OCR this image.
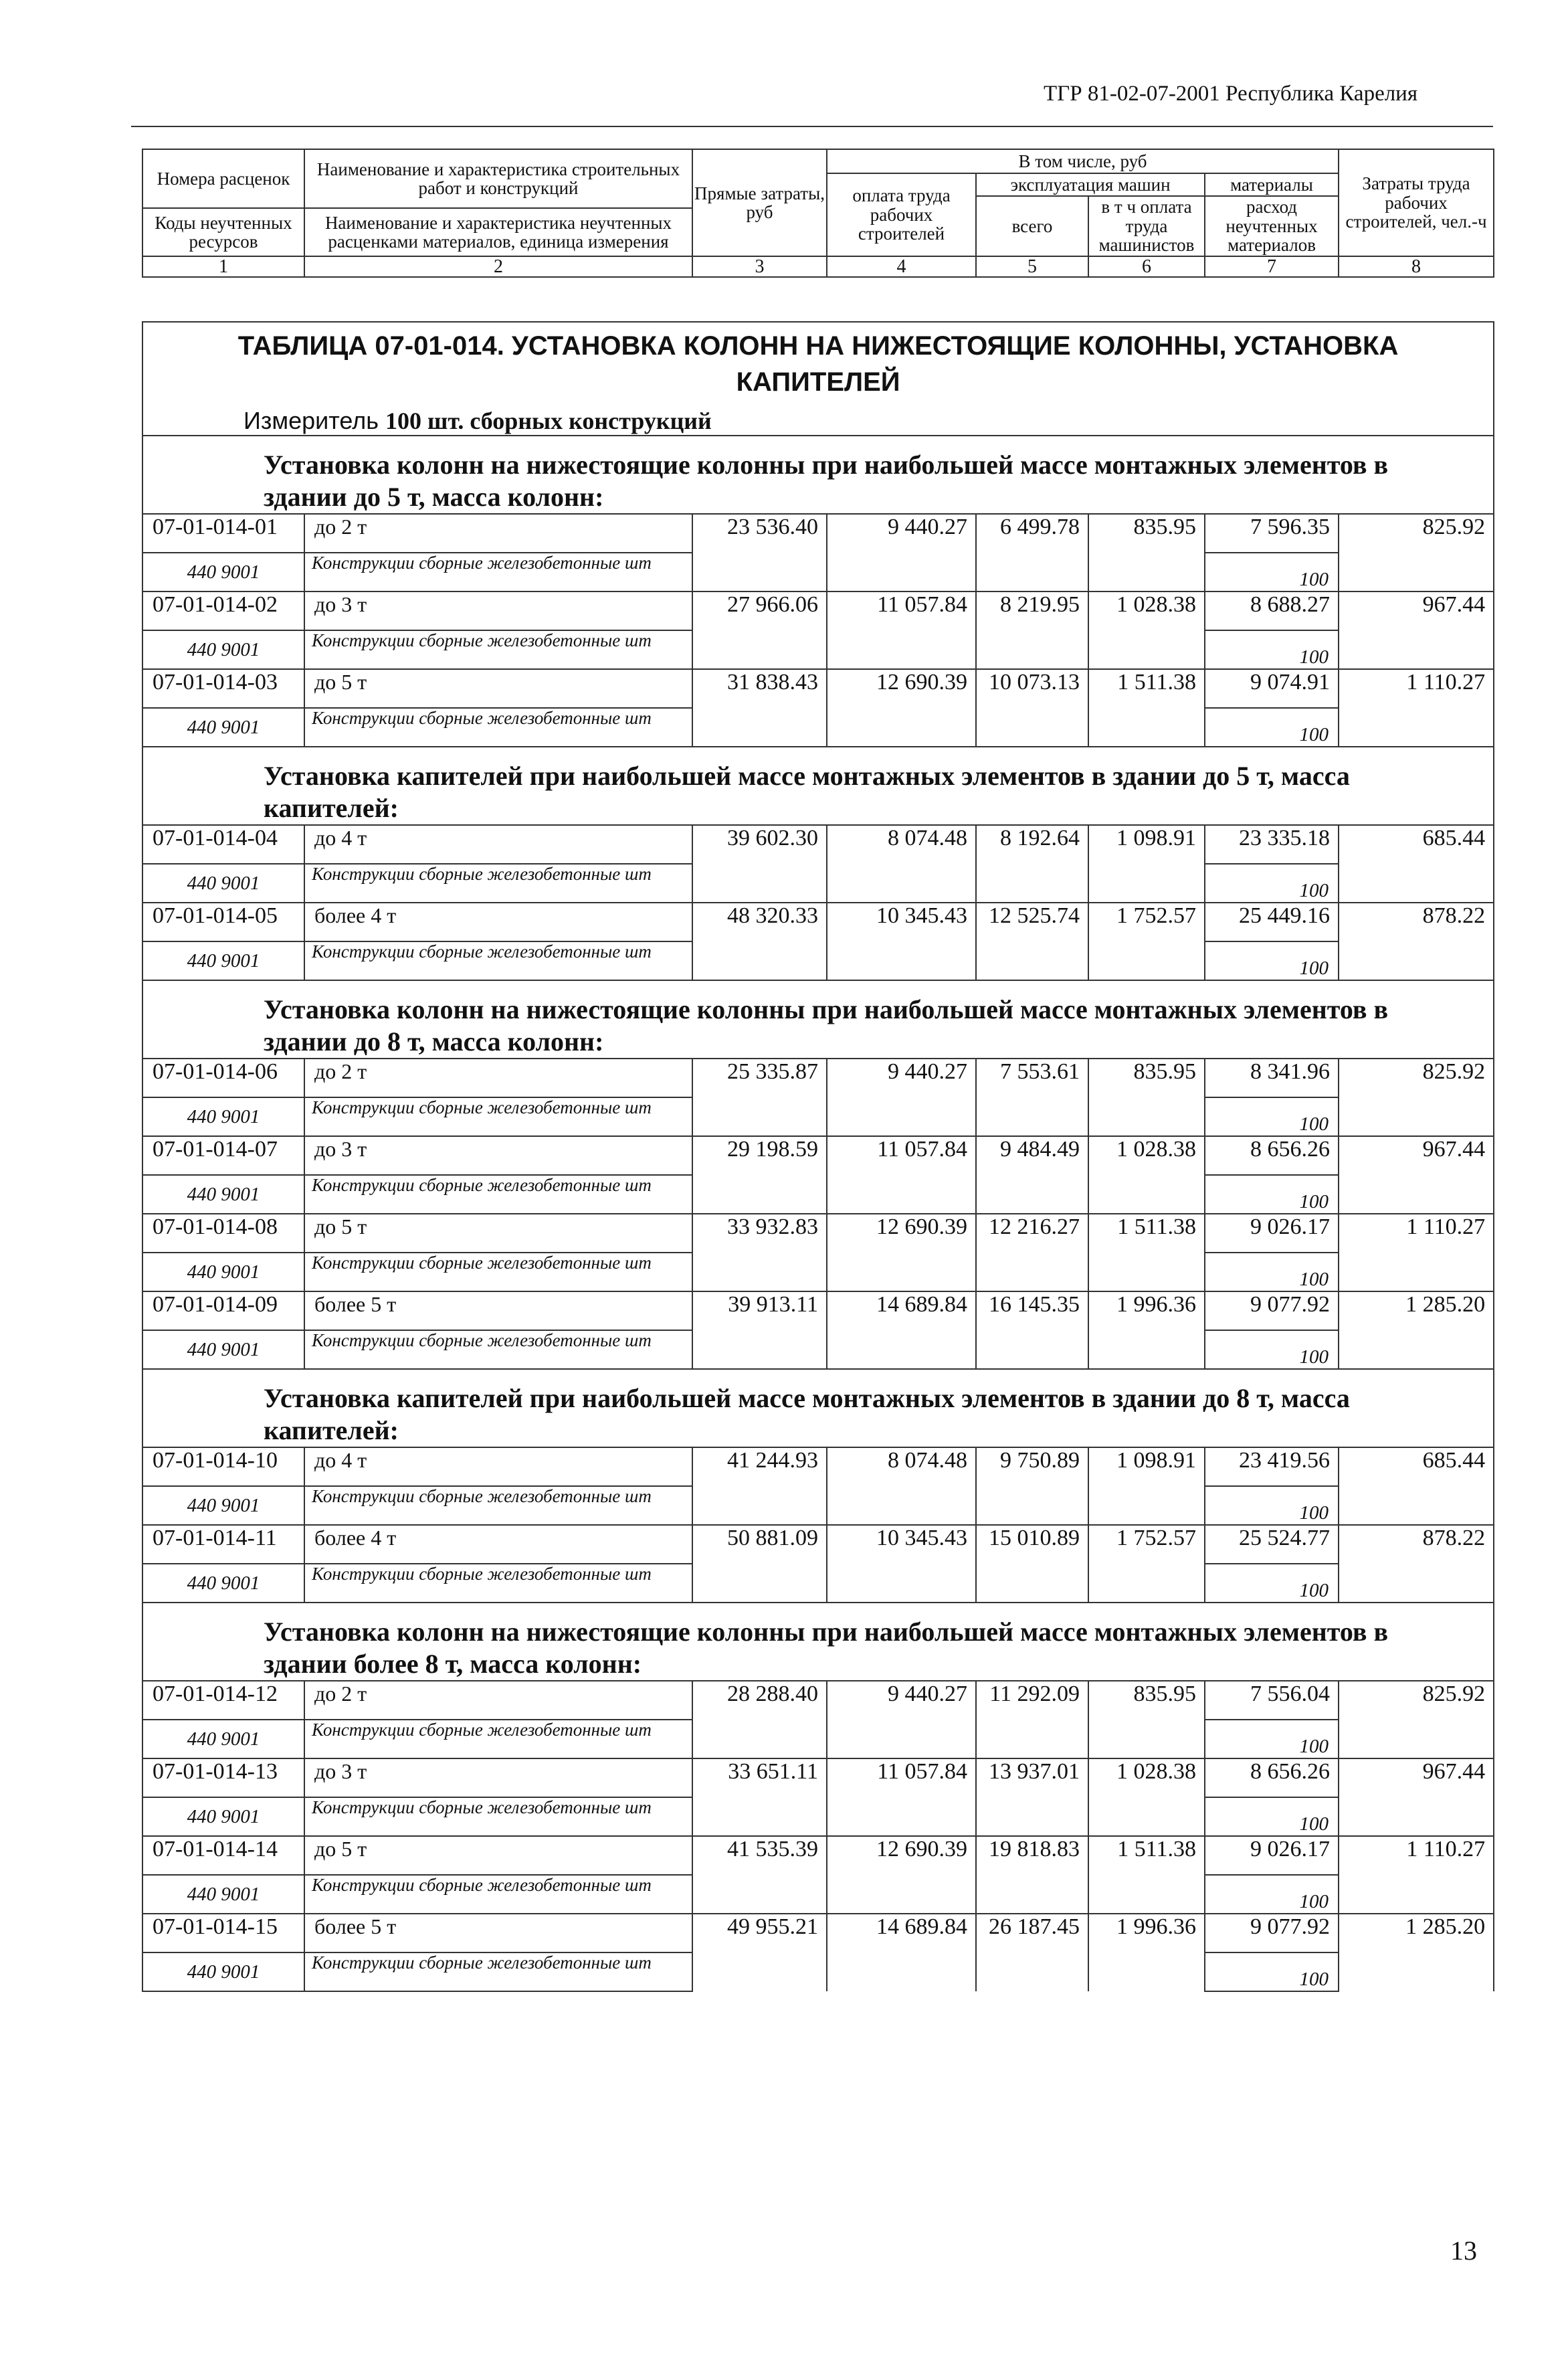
ТГР 81-02-07-2001 Республика Карелия
Номера расценок	Наименование и характеристика строительных работ и конструкций	Прямые затраты, руб	В том числе, руб				Затраты труда рабочих строителей, чел.-ч
			оплата труда рабочих строителей	эксплуатация машин		материалы	
				всего	в т ч оплата труда машинистов	расход неучтенных материалов	
Коды неучтенных ресурсов	Наименование и характеристика неучтенных расценками материалов, единица измерения						

1	2	3	4	5	6	7	8
ТАБЛИЦА 07-01-014. УСТАНОВКА КОЛОНН НА НИЖЕСТОЯЩИЕ КОЛОННЫ, УСТАНОВКА КАПИТЕЛЕЙ
Измеритель 100 шт. сборных конструкций							

Установка колонн на нижестоящие колонны при наибольшей массе монтажных элементов в здании до 5 т, масса колонн:							

07-01-014-01	до 2 т	23 536.40	9 440.27	6 499.78	835.95	7 596.35	825.92
440 9001	Конструкции сборные железобетонные шт					100	
07-01-014-02	до 3 т	27 966.06	11 057.84	8 219.95	1 028.38	8 688.27	967.44
440 9001	Конструкции сборные железобетонные шт					100	
07-01-014-03	до 5 т	31 838.43	12 690.39	10 073.13	1 511.38	9 074.91	1 110.27
440 9001	Конструкции сборные железобетонные шт					100	

Установка капителей при наибольшей массе монтажных элементов в здании до 5 т, масса капителей:							

07-01-014-04	до 4 т	39 602.30	8 074.48	8 192.64	1 098.91	23 335.18	685.44
440 9001	Конструкции сборные железобетонные шт					100	
07-01-014-05	более 4 т	48 320.33	10 345.43	12 525.74	1 752.57	25 449.16	878.22
440 9001	Конструкции сборные железобетонные шт					100	

Установка колонн на нижестоящие колонны при наибольшей массе монтажных элементов в здании до 8 т, масса колонн:							

07-01-014-06	до 2 т	25 335.87	9 440.27	7 553.61	835.95	8 341.96	825.92
440 9001	Конструкции сборные железобетонные шт					100	
07-01-014-07	до 3 т	29 198.59	11 057.84	9 484.49	1 028.38	8 656.26	967.44
440 9001	Конструкции сборные железобетонные шт					100	
07-01-014-08	до 5 т	33 932.83	12 690.39	12 216.27	1 511.38	9 026.17	1 110.27
440 9001	Конструкции сборные железобетонные шт					100	
07-01-014-09	более 5 т	39 913.11	14 689.84	16 145.35	1 996.36	9 077.92	1 285.20
440 9001	Конструкции сборные железобетонные шт					100	

Установка капителей при наибольшей массе монтажных элементов в здании до 8 т, масса капителей:							

07-01-014-10	до 4 т	41 244.93	8 074.48	9 750.89	1 098.91	23 419.56	685.44
440 9001	Конструкции сборные железобетонные шт					100	
07-01-014-11	более 4 т	50 881.09	10 345.43	15 010.89	1 752.57	25 524.77	878.22
440 9001	Конструкции сборные железобетонные шт					100	

Установка колонн на нижестоящие колонны при наибольшей массе монтажных элементов в здании более 8 т, масса колонн:							

07-01-014-12	до 2 т	28 288.40	9 440.27	11 292.09	835.95	7 556.04	825.92
440 9001	Конструкции сборные железобетонные шт					100	
07-01-014-13	до 3 т	33 651.11	11 057.84	13 937.01	1 028.38	8 656.26	967.44
440 9001	Конструкции сборные железобетонные шт					100	
07-01-014-14	до 5 т	41 535.39	12 690.39	19 818.83	1 511.38	9 026.17	1 110.27
440 9001	Конструкции сборные железобетонные шт					100	
07-01-014-15	более 5 т	49 955.21	14 689.84	26 187.45	1 996.36	9 077.92	1 285.20
440 9001	Конструкции сборные железобетонные шт					100	
13
